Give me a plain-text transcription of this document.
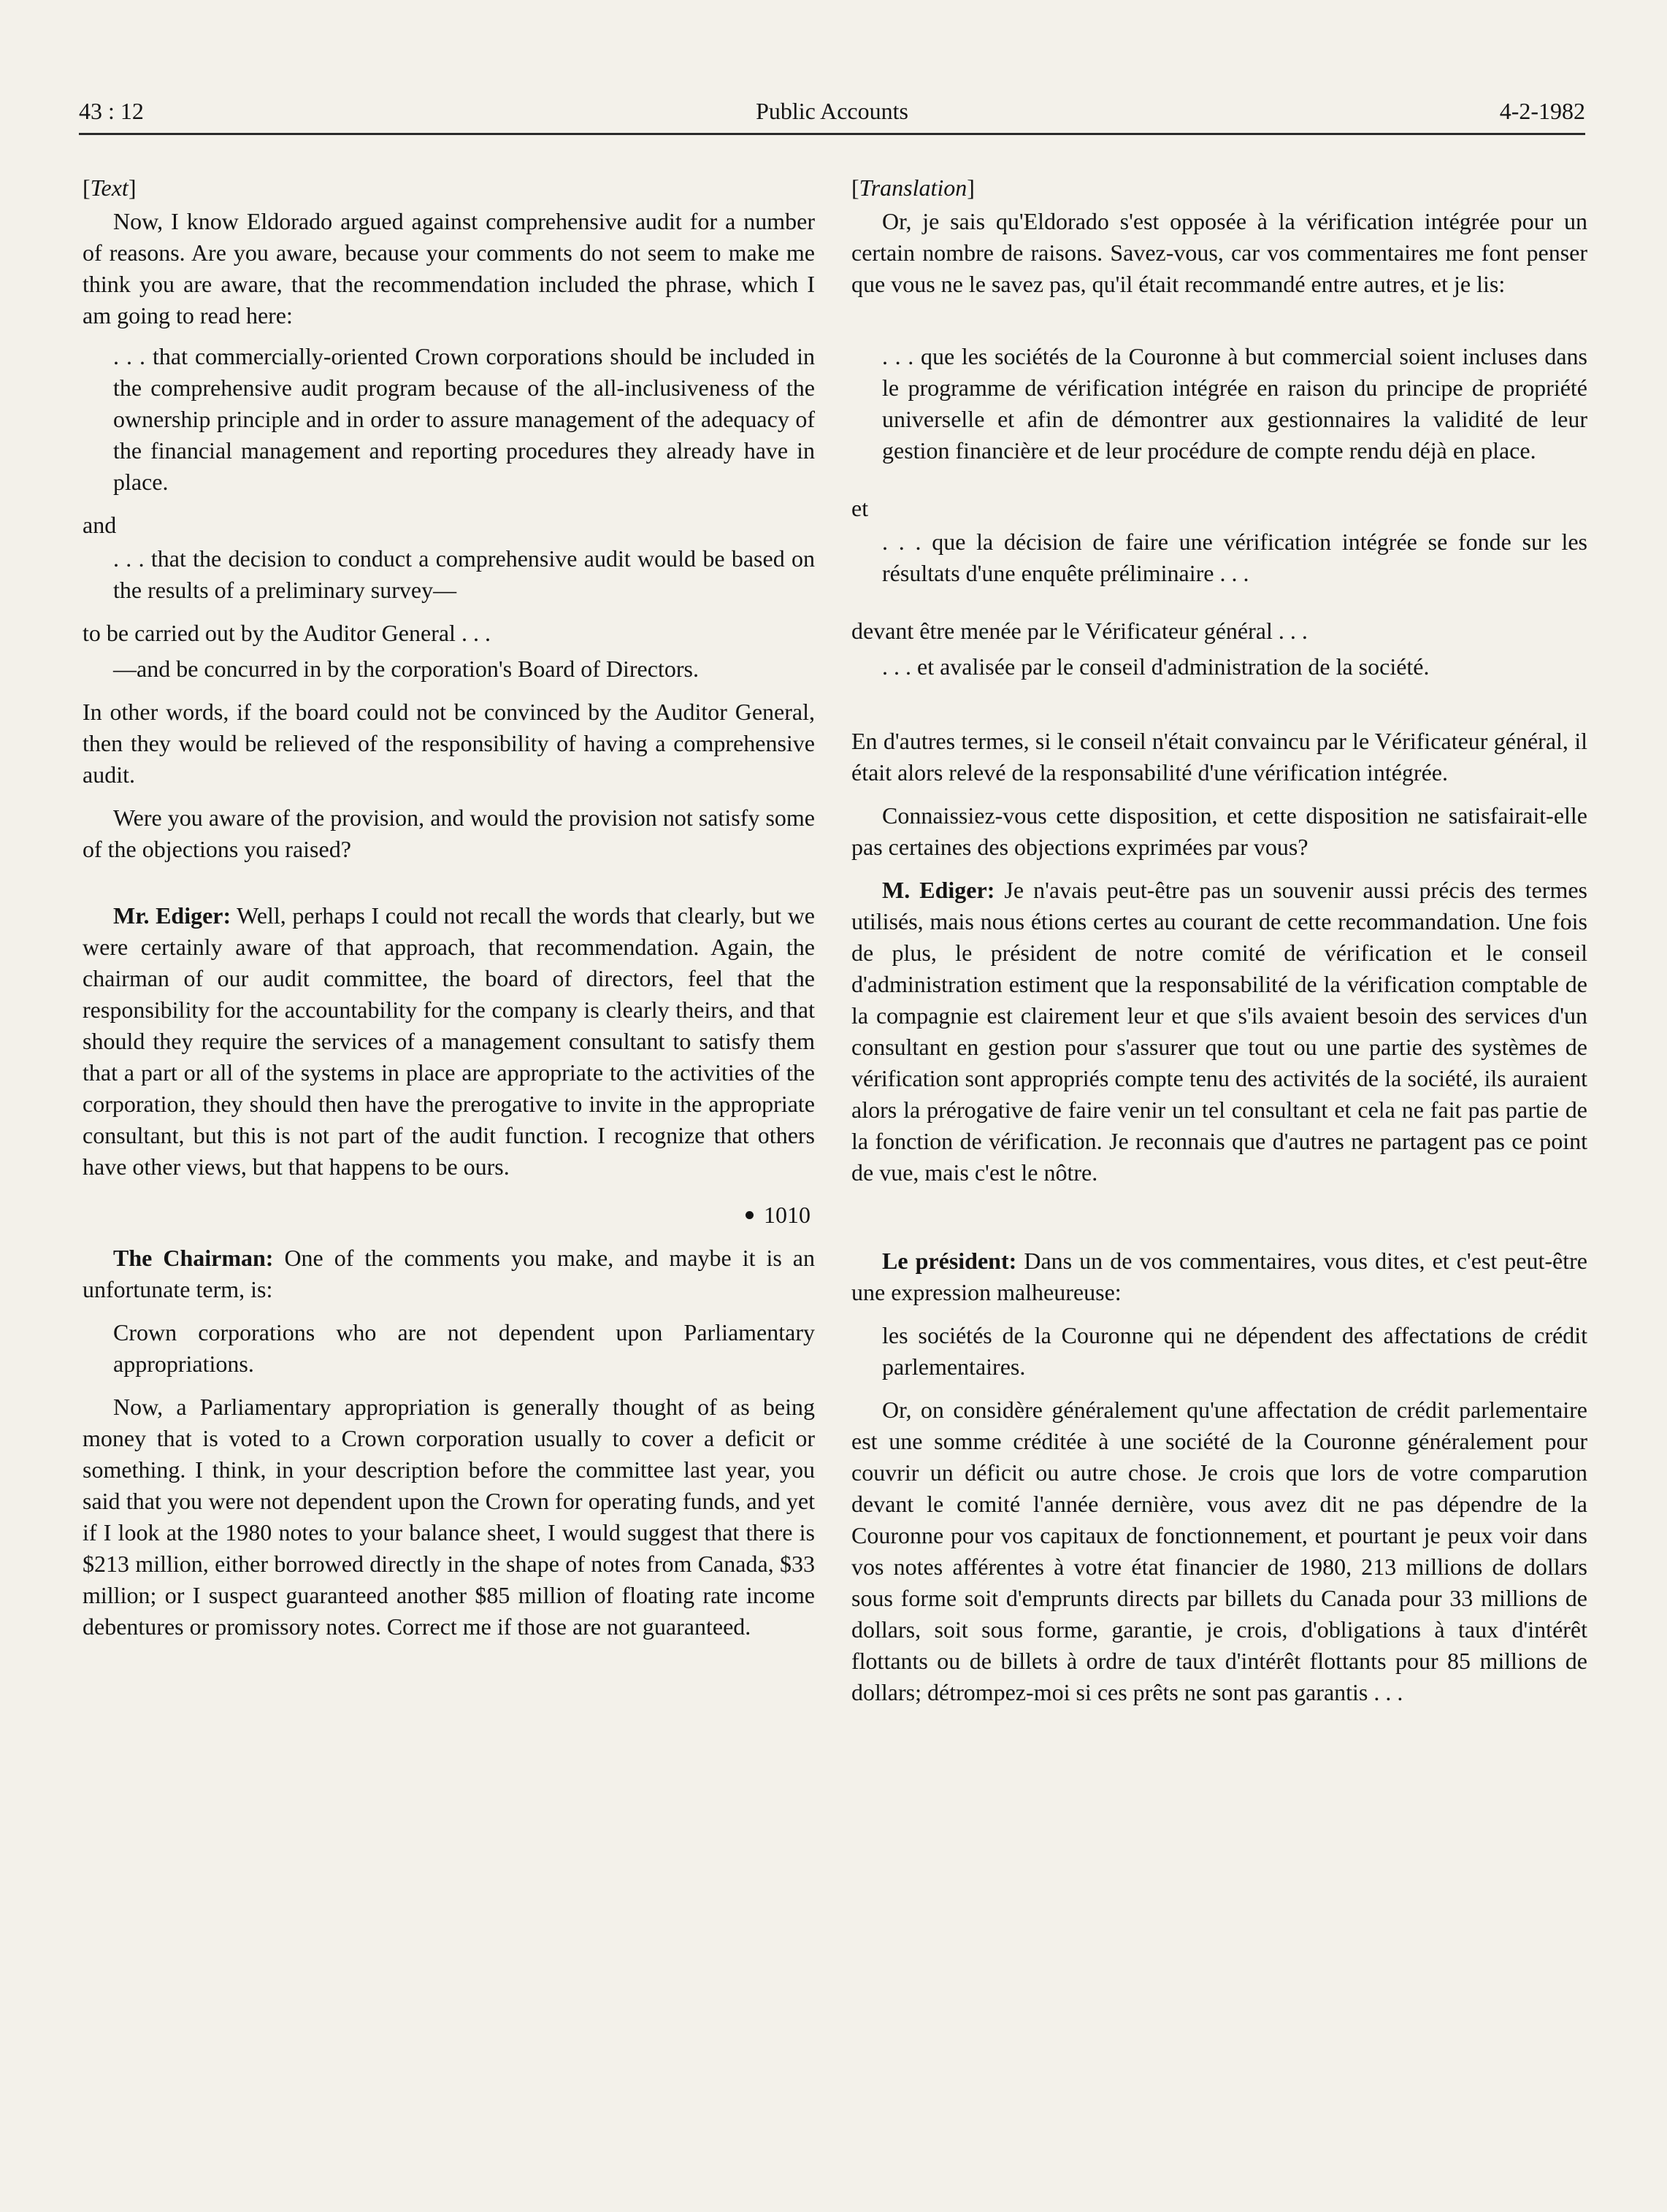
43 : 12	Public Accounts	4-2-1982

[Text]

Now, I know Eldorado argued against comprehensive audit for a number of reasons. Are you aware, because your comments do not seem to make me think you are aware, that the recommendation included the phrase, which I am going to read here:

. . . that commercially-oriented Crown corporations should be included in the comprehensive audit program because of the all-inclusiveness of the ownership principle and in order to assure management of the adequacy of the financial management and reporting procedures they already have in place.

and

. . . that the decision to conduct a comprehensive audit would be based on the results of a preliminary survey—

to be carried out by the Auditor General . . .

—and be concurred in by the corporation's Board of Directors.

In other words, if the board could not be convinced by the Auditor General, then they would be relieved of the responsibility of having a comprehensive audit.

Were you aware of the provision, and would the provision not satisfy some of the objections you raised?

Mr. Ediger: Well, perhaps I could not recall the words that clearly, but we were certainly aware of that approach, that recommendation. Again, the chairman of our audit committee, the board of directors, feel that the responsibility for the accountability for the company is clearly theirs, and that should they require the services of a management consultant to satisfy them that a part or all of the systems in place are appropriate to the activities of the corporation, they should then have the prerogative to invite in the appropriate consultant, but this is not part of the audit function. I recognize that others have other views, but that happens to be ours.

1010

The Chairman: One of the comments you make, and maybe it is an unfortunate term, is:

Crown corporations who are not dependent upon Parliamentary appropriations.

Now, a Parliamentary appropriation is generally thought of as being money that is voted to a Crown corporation usually to cover a deficit or something. I think, in your description before the committee last year, you said that you were not dependent upon the Crown for operating funds, and yet if I look at the 1980 notes to your balance sheet, I would suggest that there is $213 million, either borrowed directly in the shape of notes from Canada, $33 million; or I suspect guaranteed another $85 million of floating rate income debentures or promissory notes. Correct me if those are not guaranteed.

[Translation]

Or, je sais qu'Eldorado s'est opposée à la vérification intégrée pour un certain nombre de raisons. Savez-vous, car vos commentaires me font penser que vous ne le savez pas, qu'il était recommandé entre autres, et je lis:

. . . que les sociétés de la Couronne à but commercial soient incluses dans le programme de vérification intégrée en raison du principe de propriété universelle et afin de démontrer aux gestionnaires la validité de leur gestion financière et de leur procédure de compte rendu déjà en place.

et

. . . que la décision de faire une vérification intégrée se fonde sur les résultats d'une enquête préliminaire . . .

devant être menée par le Vérificateur général . . .

. . . et avalisée par le conseil d'administration de la société.

En d'autres termes, si le conseil n'était convaincu par le Vérificateur général, il était alors relevé de la responsabilité d'une vérification intégrée.

Connaissiez-vous cette disposition, et cette disposition ne satisfairait-elle pas certaines des objections exprimées par vous?

M. Ediger: Je n'avais peut-être pas un souvenir aussi précis des termes utilisés, mais nous étions certes au courant de cette recommandation. Une fois de plus, le président de notre comité de vérification et le conseil d'administration estiment que la responsabilité de la vérification comptable de la compagnie est clairement leur et que s'ils avaient besoin des services d'un consultant en gestion pour s'assurer que tout ou une partie des systèmes de vérification sont appropriés compte tenu des activités de la société, ils auraient alors la prérogative de faire venir un tel consultant et cela ne fait pas partie de la fonction de vérification. Je reconnais que d'autres ne partagent pas ce point de vue, mais c'est le nôtre.

Le président: Dans un de vos commentaires, vous dites, et c'est peut-être une expression malheureuse:

les sociétés de la Couronne qui ne dépendent des affectations de crédit parlementaires.

Or, on considère généralement qu'une affectation de crédit parlementaire est une somme créditée à une société de la Couronne généralement pour couvrir un déficit ou autre chose. Je crois que lors de votre comparution devant le comité l'année dernière, vous avez dit ne pas dépendre de la Couronne pour vos capitaux de fonctionnement, et pourtant je peux voir dans vos notes afférentes à votre état financier de 1980, 213 millions de dollars sous forme soit d'emprunts directs par billets du Canada pour 33 millions de dollars, soit sous forme, garantie, je crois, d'obligations à taux d'intérêt flottants ou de billets à ordre de taux d'intérêt flottants pour 85 millions de dollars; détrompez-moi si ces prêts ne sont pas garantis . . .
